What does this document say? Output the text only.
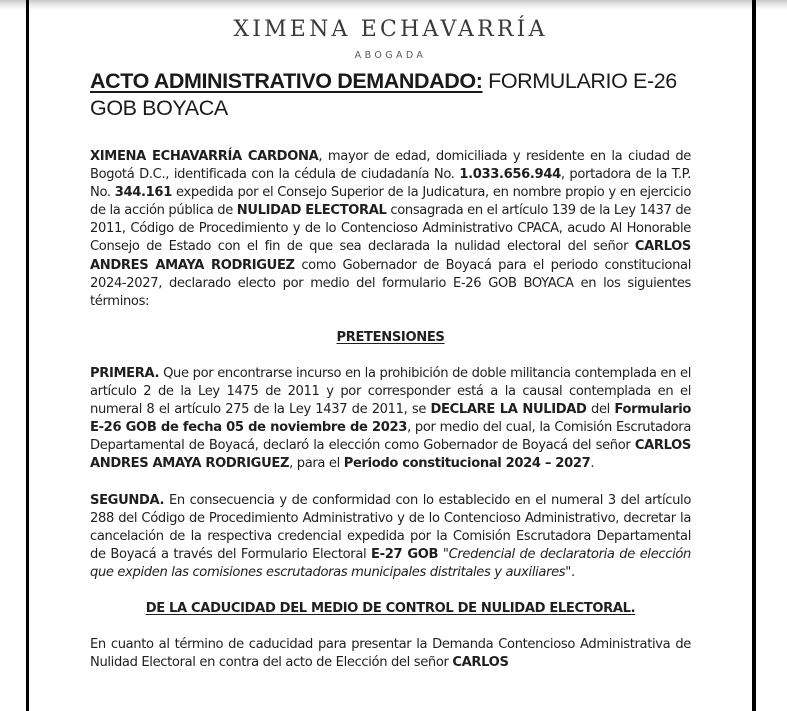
XIMENA ECHAVARRÍA
ABOGADA
ACTO ADMINISTRATIVO DEMANDADO: FORMULARIO E-26 GOB BOYACA

XIMENA ECHAVARRÍA CARDONA, mayor de edad, domiciliada y residente en la ciudad de Bogotá D.C., identificada con la cédula de ciudadanía No. 1.033.656.944, portadora de la T.P. No. 344.161 expedida por el Consejo Superior de la Judicatura, en nombre propio y en ejercicio de la acción pública de NULIDAD ELECTORAL consagrada en el artículo 139 de la Ley 1437 de 2011, Código de Procedimiento y de lo Contencioso Administrativo CPACA, acudo Al Honorable Consejo de Estado con el fin de que sea declarada la nulidad electoral del señor CARLOS ANDRES AMAYA RODRIGUEZ como Gobernador de Boyacá para el periodo constitucional 2024-2027, declarado electo por medio del formulario E-26 GOB BOYACA en los siguientes términos:

PRETENSIONES

PRIMERA. Que por encontrarse incurso en la prohibición de doble militancia contemplada en el artículo 2 de la Ley 1475 de 2011 y por corresponder está a la causal contemplada en el numeral 8 el artículo 275 de la Ley 1437 de 2011, se DECLARE LA NULIDAD del Formulario E-26 GOB de fecha 05 de noviembre de 2023, por medio del cual, la Comisión Escrutadora Departamental de Boyacá, declaró la elección como Gobernador de Boyacá del señor CARLOS ANDRES AMAYA RODRIGUEZ, para el Periodo constitucional 2024 – 2027.

SEGUNDA. En consecuencia y de conformidad con lo establecido en el numeral 3 del artículo 288 del Código de Procedimiento Administrativo y de lo Contencioso Administrativo, decretar la cancelación de la respectiva credencial expedida por la Comisión Escrutadora Departamental de Boyacá a través del Formulario Electoral E-27 GOB "Credencial de declaratoria de elección que expiden las comisiones escrutadoras municipales distritales y auxiliares".

DE LA CADUCIDAD DEL MEDIO DE CONTROL DE NULIDAD ELECTORAL.

En cuanto al término de caducidad para presentar la Demanda Contencioso Administrativa de Nulidad Electoral en contra del acto de Elección del señor CARLOS
